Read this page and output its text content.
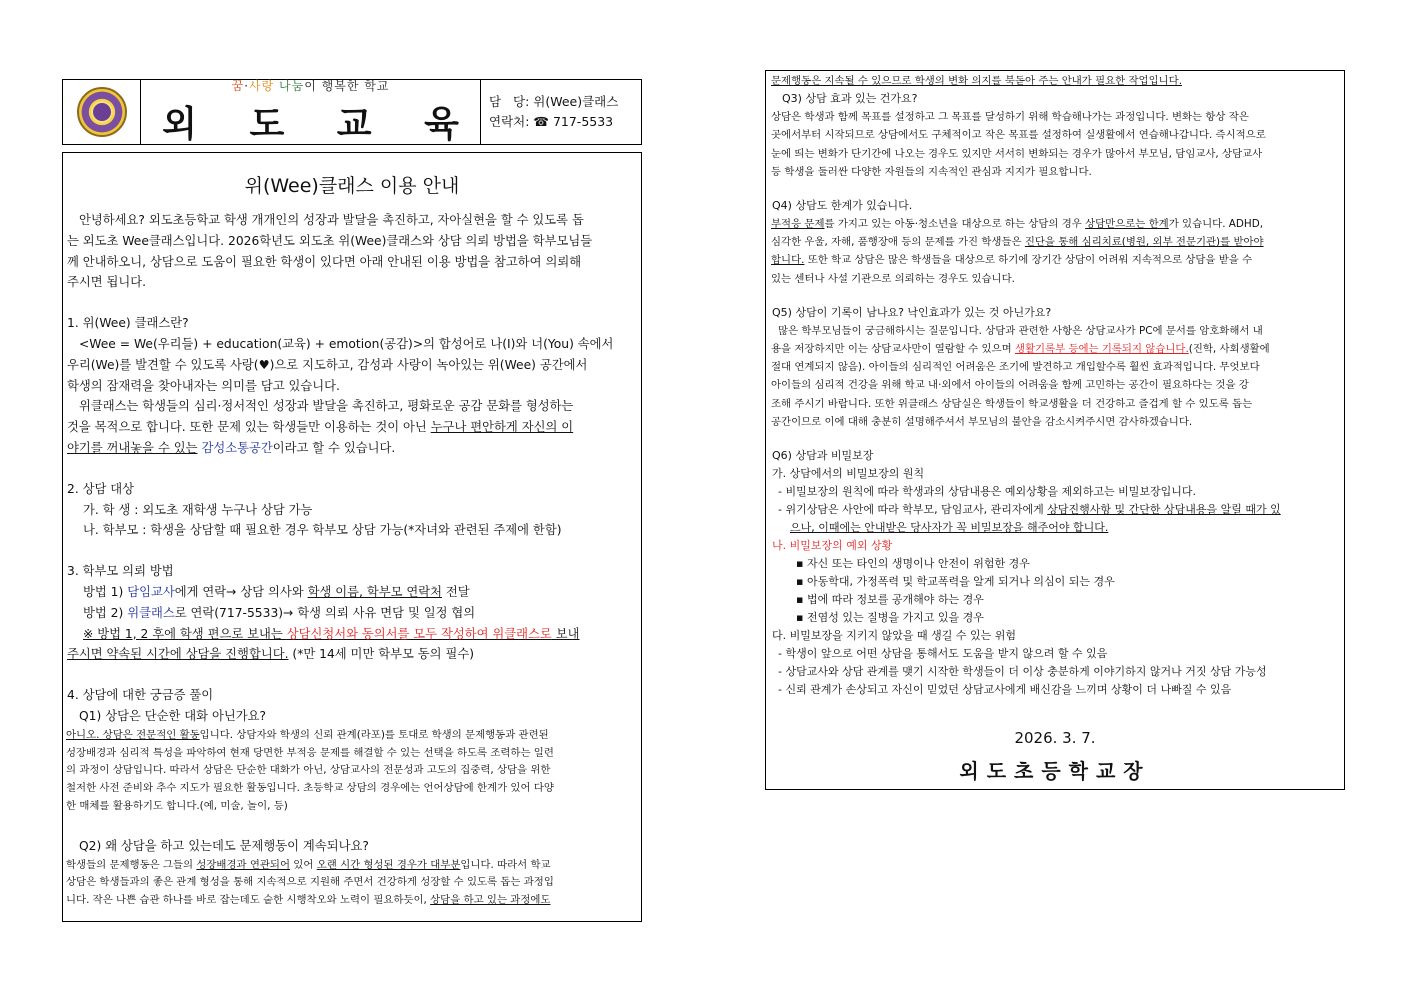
꿈·사랑 나눔이 행복한 학교
외 도 교 육
담   당: 위(Wee)클래스
연락처: ☎ 717-5533
위(Wee)클래스 이용 안내
안녕하세요? 외도초등학교 학생 개개인의 성장과 발달을 촉진하고, 자아실현을 할 수 있도록 돕
는 외도초 Wee클래스입니다. 2026학년도 외도초 위(Wee)클래스와 상담 의뢰 방법을 학부모님들
께 안내하오니, 상담으로 도움이 필요한 학생이 있다면 아래 안내된 이용 방법을 참고하여 의뢰해
주시면 됩니다.
1. 위(Wee) 클래스란?
<Wee = We(우리들) + education(교육) + emotion(공감)>의 합성어로 나(I)와 너(You) 속에서
우리(We)를 발견할 수 있도록 사랑(♥)으로 지도하고, 감성과 사랑이 녹아있는 위(Wee) 공간에서
학생의 잠재력을 찾아내자는 의미를 담고 있습니다.
위클래스는 학생들의 심리·정서적인 성장과 발달을 촉진하고, 평화로운 공감 문화를 형성하는
것을 목적으로 합니다. 또한 문제 있는 학생들만 이용하는 것이 아닌 누구나 편안하게 자신의 이
야기를 꺼내놓을 수 있는 감성소통공간이라고 할 수 있습니다.
2. 상담 대상
가. 학 생 : 외도초 재학생 누구나 상담 가능
나. 학부모 : 학생을 상담할 때 필요한 경우 학부모 상담 가능(*자녀와 관련된 주제에 한함)
3. 학부모 의뢰 방법
방법 1) 담임교사에게 연락→ 상담 의사와 학생 이름, 학부모 연락처 전달
방법 2) 위클래스로 연락(717-5533)→ 학생 의뢰 사유 면담 및 일정 협의
※ 방법 1, 2 후에 학생 편으로 보내는 상담신청서와 동의서를 모두 작성하여 위클래스로 보내
주시면 약속된 시간에 상담을 진행합니다. (*만 14세 미만 학부모 동의 필수)
4. 상담에 대한 궁금증 풀이
Q1) 상담은 단순한 대화 아닌가요?
아니오. 상담은 전문적인 활동입니다. 상담자와 학생의 신뢰 관계(라포)를 토대로 학생의 문제행동과 관련된
성장배경과 심리적 특성을 파악하여 현재 당면한 부적응 문제를 해결할 수 있는 선택을 하도록 조력하는 일련
의 과정이 상담입니다. 따라서 상담은 단순한 대화가 아닌, 상담교사의 전문성과 고도의 집중력, 상담을 위한
철저한 사전 준비와 추수 지도가 필요한 활동입니다. 초등학교 상담의 경우에는 언어상담에 한계가 있어 다양
한 매체를 활용하기도 합니다.(예, 미술, 놀이, 등)
Q2) 왜 상담을 하고 있는데도 문제행동이 계속되나요?
학생들의 문제행동은 그들의 성장배경과 연관되어 있어 오랜 시간 형성된 경우가 대부분입니다. 따라서 학교
상담은 학생들과의 좋은 관계 형성을 통해 지속적으로 지원해 주면서 건강하게 성장할 수 있도록 돕는 과정입
니다. 작은 나쁜 습관 하나를 바로 잡는데도 숱한 시행착오와 노력이 필요하듯이, 상담을 하고 있는 과정에도
문제행동은 지속될 수 있으므로 학생의 변화 의지를 북돋아 주는 안내가 필요한 작업입니다.
Q3) 상담 효과 있는 건가요?
상담은 학생과 함께 목표를 설정하고 그 목표를 달성하기 위해 학습해나가는 과정입니다. 변화는 항상 작은
곳에서부터 시작되므로 상담에서도 구체적이고 작은 목표를 설정하여 실생활에서 연습해나갑니다. 즉시적으로
눈에 띄는 변화가 단기간에 나오는 경우도 있지만 서서히 변화되는 경우가 많아서 부모님, 담임교사, 상담교사
등 학생을 둘러싼 다양한 자원들의 지속적인 관심과 지지가 필요합니다.
Q4) 상담도 한계가 있습니다.
부적응 문제를 가지고 있는 아동·청소년을 대상으로 하는 상담의 경우 상담만으로는 한계가 있습니다. ADHD,
심각한 우울, 자해, 품행장애 등의 문제를 가진 학생들은 진단을 통해 심리치료(병원, 외부 전문기관)를 받아야
합니다. 또한 학교 상담은 많은 학생들을 대상으로 하기에 장기간 상담이 어려워 지속적으로 상담을 받을 수
있는 센터나 사설 기관으로 의뢰하는 경우도 있습니다.
Q5) 상담이 기록이 남나요? 낙인효과가 있는 것 아닌가요?
많은 학부모님들이 궁금해하시는 질문입니다. 상담과 관련한 사항은 상담교사가 PC에 문서를 암호화해서 내
용을 저장하지만 이는 상담교사만이 열람할 수 있으며 생활기록부 등에는 기록되지 않습니다.(진학, 사회생활에
절대 연계되지 않음). 아이들의 심리적인 어려움은 조기에 발견하고 개입할수록 훨씬 효과적입니다. 무엇보다
아이들의 심리적 건강을 위해 학교 내·외에서 아이들의 어려움을 함께 고민하는 공간이 필요하다는 것을 강
조해 주시기 바랍니다. 또한 위클래스 상담실은 학생들이 학교생활을 더 건강하고 즐겁게 할 수 있도록 돕는
공간이므로 이에 대해 충분히 설명해주셔서 부모님의 불안을 감소시켜주시면 감사하겠습니다.
Q6) 상담과 비밀보장
가. 상담에서의 비밀보장의 원칙
- 비밀보장의 원칙에 따라 학생과의 상담내용은 예외상황을 제외하고는 비밀보장입니다.
- 위기상담은 사안에 따라 학부모, 담임교사, 관리자에게 상담진행사항 및 간단한 상담내용을 알릴 때가 있
으나, 이때에는 안내받은 당사자가 꼭 비밀보장을 해주어야 합니다.
나. 비밀보장의 예외 상황
▪ 자신 또는 타인의 생명이나 안전이 위험한 경우
▪ 아동학대, 가정폭력 및 학교폭력을 알게 되거나 의심이 되는 경우
▪ 법에 따라 정보를 공개해야 하는 경우
▪ 전염성 있는 질병을 가지고 있을 경우
다. 비밀보장을 지키지 않았을 때 생길 수 있는 위험
- 학생이 앞으로 어떤 상담을 통해서도 도움을 받지 않으려 할 수 있음
- 상담교사와 상담 관계를 맺기 시작한 학생들이 더 이상 충분하게 이야기하지 않거나 거짓 상담 가능성
- 신뢰 관계가 손상되고 자신이 믿었던 상담교사에게 배신감을 느끼며 상황이 더 나빠질 수 있음
2026. 3. 7.
외도초등학교장
